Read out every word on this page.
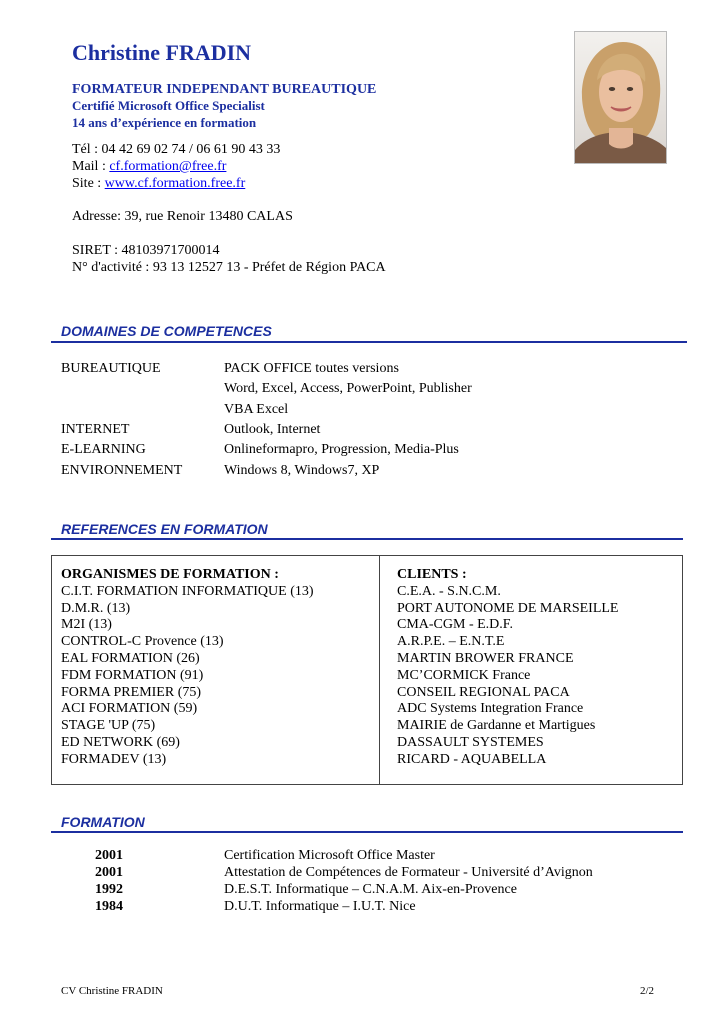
Christine FRADIN
FORMATEUR INDEPENDANT BUREAUTIQUE
Certifié Microsoft Office Specialist
14 ans d’expérience en formation
Tél : 04 42 69 02 74 / 06 61 90 43 33
Mail : cf.formation@free.fr
Site : www.cf.formation.free.fr
Adresse: 39, rue Renoir 13480 CALAS
SIRET : 48103971700014
N° d'activité : 93 13 12527 13 - Préfet de Région PACA
DOMAINES DE COMPETENCES
BUREAUTIQUE	PACK OFFICE toutes versions
Word, Excel, Access, PowerPoint, Publisher
VBA Excel
INTERNET	Outlook, Internet
E-LEARNING	Onlineformapro, Progression, Media-Plus
ENVIRONNEMENT	Windows 8, Windows7, XP
REFERENCES EN FORMATION
ORGANISMES DE FORMATION :
C.I.T. FORMATION INFORMATIQUE (13)
D.M.R. (13)
M2I (13)
CONTROL-C Provence (13)
EAL FORMATION (26)
FDM FORMATION (91)
FORMA PREMIER (75)
ACI FORMATION (59)
STAGE 'UP (75)
ED NETWORK (69)
FORMADEV (13)
CLIENTS :
C.E.A. - S.N.C.M.
PORT AUTONOME DE MARSEILLE
CMA-CGM - E.D.F.
A.R.P.E. – E.N.T.E
MARTIN BROWER FRANCE
MC’CORMICK France
CONSEIL REGIONAL PACA
ADC Systems Integration France
MAIRIE de Gardanne et Martigues
DASSAULT SYSTEMES
RICARD - AQUABELLA
FORMATION
2001	Certification Microsoft Office Master
2001	Attestation de Compétences de Formateur - Université d’Avignon
1992	D.E.S.T. Informatique – C.N.A.M. Aix-en-Provence
1984	D.U.T. Informatique – I.U.T. Nice
CV Christine FRADIN	2/2
